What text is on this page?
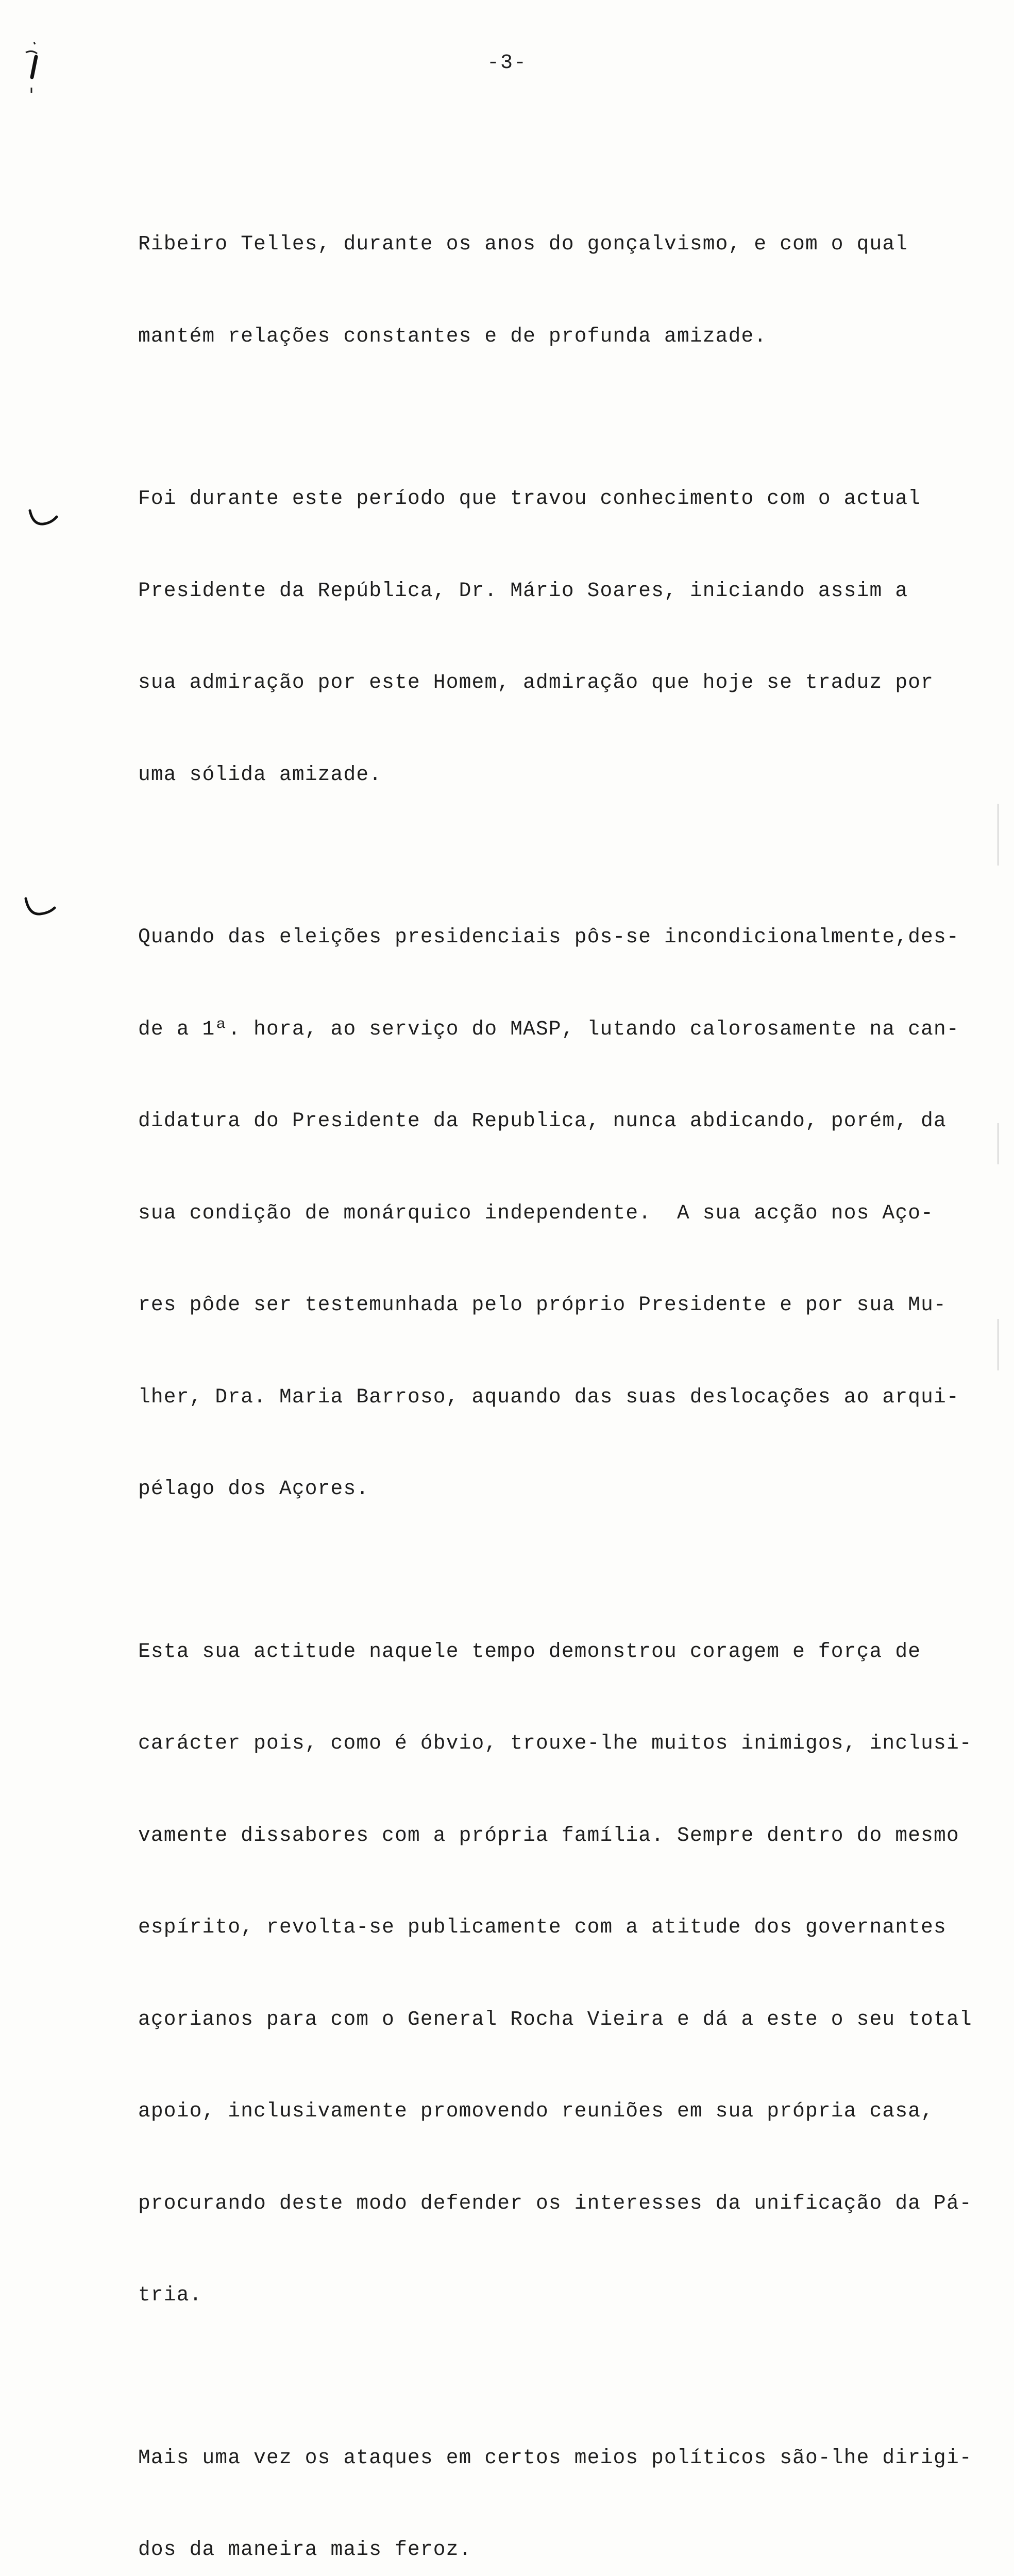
-3-

Ribeiro Telles, durante os anos do gonçalvismo, e com o qual

mantém relações constantes e de profunda amizade.

Foi durante este período que travou conhecimento com o actual

Presidente da República, Dr. Mário Soares, iniciando assim a

sua admiração por este Homem, admiração que hoje se traduz por

uma sólida amizade.

Quando das eleições presidenciais pôs-se incondicionalmente,des-

de a 1ª. hora, ao serviço do MASP, lutando calorosamente na can-

didatura do Presidente da Republica, nunca abdicando, porém, da

sua condição de monárquico independente.  A sua acção nos Aço-

res pôde ser testemunhada pelo próprio Presidente e por sua Mu-

lher, Dra. Maria Barroso, aquando das suas deslocações ao arqui-

pélago dos Açores.

Esta sua actitude naquele tempo demonstrou coragem e força de

carácter pois, como é óbvio, trouxe-lhe muitos inimigos, inclusi-

vamente dissabores com a própria família. Sempre dentro do mesmo

espírito, revolta-se publicamente com a atitude dos governantes

açorianos para com o General Rocha Vieira e dá a este o seu total

apoio, inclusivamente promovendo reuniões em sua própria casa,

procurando deste modo defender os interesses da unificação da Pá-

tria.

Mais uma vez os ataques em certos meios políticos são-lhe dirigi-

dos da maneira mais feroz.
